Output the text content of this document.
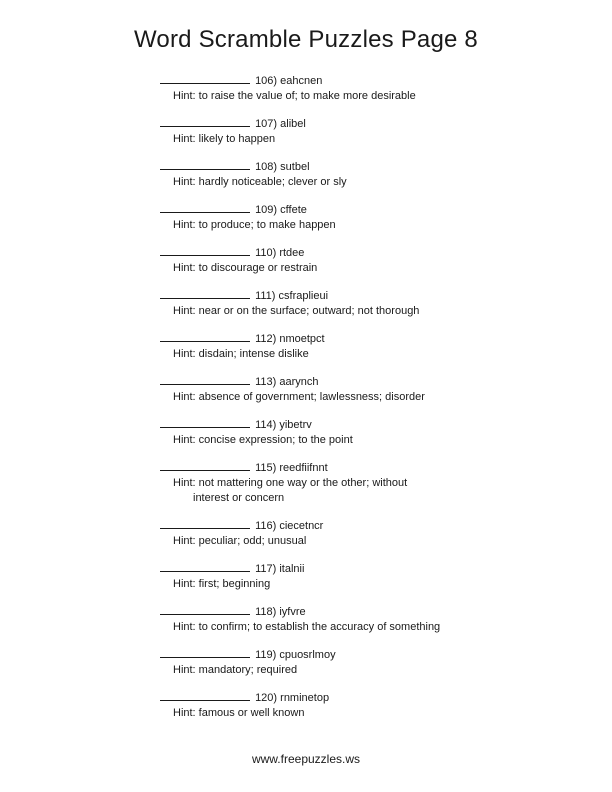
Word Scramble Puzzles Page 8
106) eahcnen
Hint: to raise the value of; to make more desirable
107) alibel
Hint: likely to happen
108) sutbel
Hint: hardly noticeable; clever or sly
109) cffete
Hint: to produce; to make happen
110) rtdee
Hint: to discourage or restrain
111) csfraplieui
Hint: near or on the surface; outward; not thorough
112) nmoetpct
Hint: disdain; intense dislike
113) aarynch
Hint: absence of government; lawlessness; disorder
114) yibetrv
Hint: concise expression; to the point
115) reedfiifnnt
Hint: not mattering one way or the other; without
interest or concern
116) ciecetncr
Hint: peculiar; odd; unusual
117) italnii
Hint: first; beginning
118) iyfvre
Hint: to confirm; to establish the accuracy of something
119) cpuosrlmoy
Hint: mandatory; required
120) rnminetop
Hint: famous or well known
www.freepuzzles.ws
